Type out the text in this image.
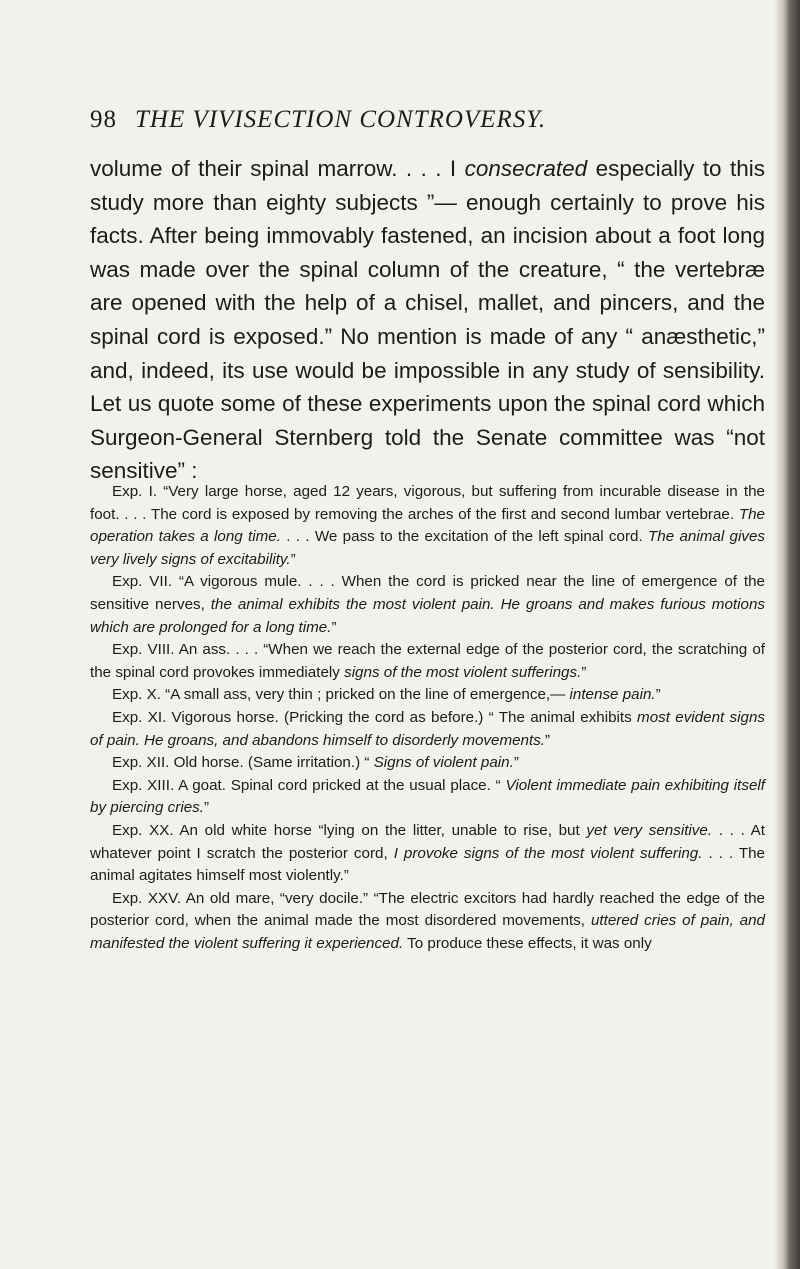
98 THE VIVISECTION CONTROVERSY.

volume of their spinal marrow. . . . I consecrated especially to this study more than eighty subjects ”— enough certainly to prove his facts. After being immovably fastened, an incision about a foot long was made over the spinal column of the creature, “ the vertebræ are opened with the help of a chisel, mallet, and pincers, and the spinal cord is exposed.” No mention is made of any “ anæsthetic,” and, indeed, its use would be impossible in any study of sensibility. Let us quote some of these experiments upon the spinal cord which Surgeon-General Sternberg told the Senate committee was “not sensitive” :

Exp. I. “Very large horse, aged 12 years, vigorous, but suffering from incurable disease in the foot. . . . The cord is exposed by removing the arches of the first and second lumbar vertebrae. The operation takes a long time. . . . We pass to the excitation of the left spinal cord. The animal gives very lively signs of excitability.”

Exp. VII. “A vigorous mule. . . . When the cord is pricked near the line of emergence of the sensitive nerves, the animal exhibits the most violent pain. He groans and makes furious motions which are prolonged for a long time.”

Exp. VIII. An ass. . . . “When we reach the external edge of the posterior cord, the scratching of the spinal cord provokes immediately signs of the most violent sufferings.”

Exp. X. “A small ass, very thin ; pricked on the line of emergence,— intense pain.”

Exp. XI. Vigorous horse. (Pricking the cord as before.) “ The animal exhibits most evident signs of pain. He groans, and abandons himself to disorderly movements.”

Exp. XII. Old horse. (Same irritation.) “ Signs of violent pain.”

Exp. XIII. A goat. Spinal cord pricked at the usual place. “ Violent immediate pain exhibiting itself by piercing cries.”

Exp. XX. An old white horse “lying on the litter, unable to rise, but yet very sensitive. . . . At whatever point I scratch the posterior cord, I provoke signs of the most violent suffering. . . . The animal agitates himself most violently.”

Exp. XXV. An old mare, “very docile.” “The electric excitors had hardly reached the edge of the posterior cord, when the animal made the most disordered movements, uttered cries of pain, and manifested the violent suffering it experienced. To produce these effects, it was only
